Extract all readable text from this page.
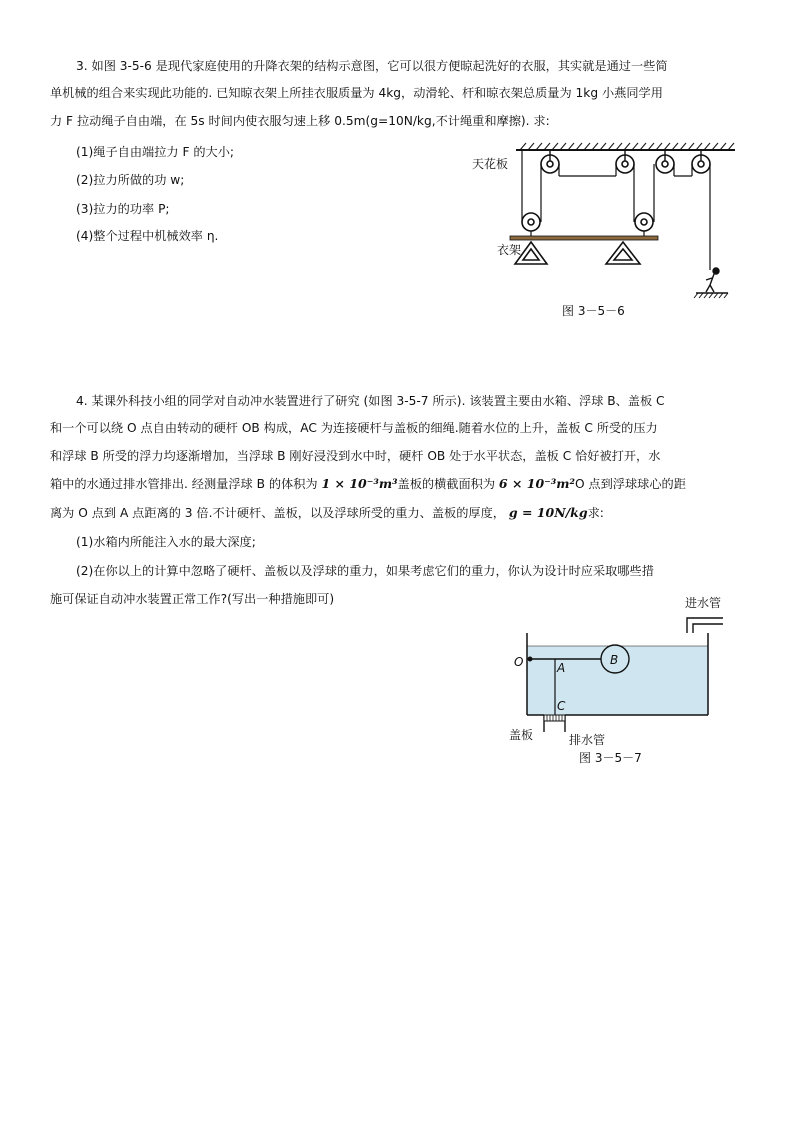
3. 如图 3-5-6 是现代家庭使用的升降衣架的结构示意图，它可以很方便晾起洗好的衣服，其实就是通过一些简
单机械的组合来实现此功能的. 已知晾衣架上所挂衣服质量为 4kg，动滑轮、杆和晾衣架总质量为 1kg 小燕同学用
力 F 拉动绳子自由端，在 5s 时间内使衣服匀速上移 0.5m(g=10N/kg,不计绳重和摩擦). 求:
(1)绳子自由端拉力 F 的大小;
(2)拉力所做的功 w;
(3)拉力的功率 P;
(4)整个过程中机械效率 η.
天花板
衣架
图 3－5－6
4. 某课外科技小组的同学对自动冲水装置进行了研究 (如图 3-5-7 所示). 该装置主要由水箱、浮球 B、盖板 C
和一个可以绕 O 点自由转动的硬杆 OB 构成，AC 为连接硬杆与盖板的细绳.随着水位的上升，盖板 C 所受的压力
和浮球 B 所受的浮力均逐渐增加，当浮球 B 刚好浸没到水中时，硬杆 OB 处于水平状态，盖板 C 恰好被打开，水
箱中的水通过排水管排出. 经测量浮球 B 的体积为 1 × 10⁻³m³盖板的横截面积为 6 × 10⁻³m²O 点到浮球球心的距
离为 O 点到 A 点距离的 3 倍.不计硬杆、盖板，以及浮球所受的重力、盖板的厚度， g = 10N/kg求:
(1)水箱内所能注入水的最大深度;
(2)在你以上的计算中忽略了硬杆、盖板以及浮球的重力，如果考虑它们的重力，你认为设计时应采取哪些措
施可保证自动冲水装置正常工作?(写出一种措施即可)	进水管
B
O	A
C
盖板	排水管
图 3－5－7
